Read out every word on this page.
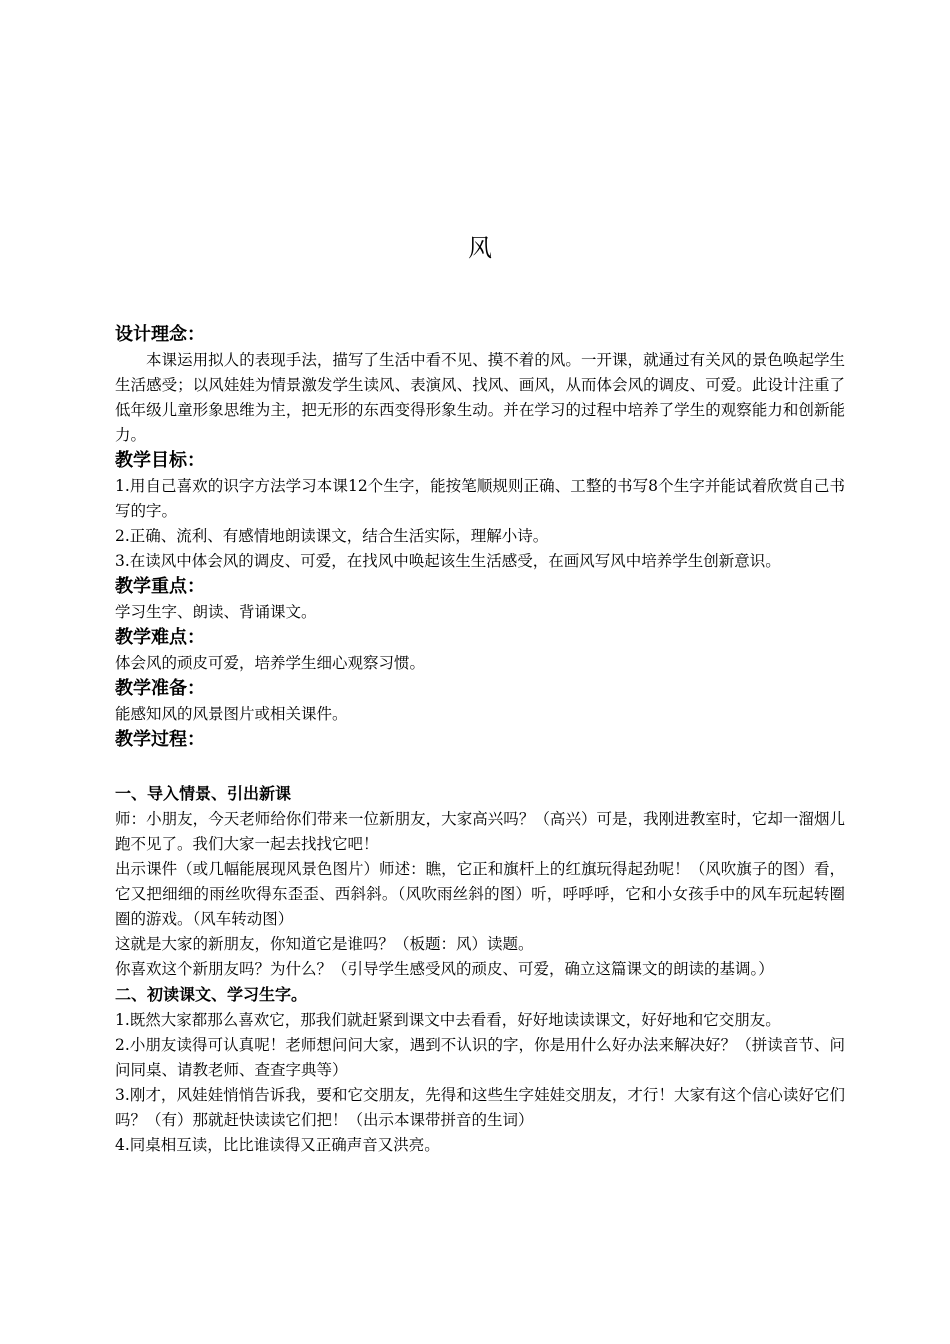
风

设计理念：

本课运用拟人的表现手法，描写了生活中看不见、摸不着的风。一开课，就通过有关风的景色唤起学生生活感受；以风娃娃为情景激发学生读风、表演风、找风、画风，从而体会风的调皮、可爱。此设计注重了低年级儿童形象思维为主，把无形的东西变得形象生动。并在学习的过程中培养了学生的观察能力和创新能力。

教学目标：

1.用自己喜欢的识字方法学习本课12个生字，能按笔顺规则正确、工整的书写8个生字并能试着欣赏自己书写的字。

2.正确、流利、有感情地朗读课文，结合生活实际，理解小诗。

3.在读风中体会风的调皮、可爱，在找风中唤起该生生活感受，在画风写风中培养学生创新意识。

教学重点：

学习生字、朗读、背诵课文。

教学难点：

体会风的顽皮可爱，培养学生细心观察习惯。

教学准备：

能感知风的风景图片或相关课件。

教学过程：

一、导入情景、引出新课

师：小朋友，今天老师给你们带来一位新朋友，大家高兴吗？（高兴）可是，我刚进教室时，它却一溜烟儿跑不见了。我们大家一起去找找它吧！

出示课件（或几幅能展现风景色图片）师述：瞧，它正和旗杆上的红旗玩得起劲呢！（风吹旗子的图）看，它又把细细的雨丝吹得东歪歪、西斜斜。（风吹雨丝斜的图）听，呼呼呼，它和小女孩手中的风车玩起转圈圈的游戏。（风车转动图）

这就是大家的新朋友，你知道它是谁吗？（板题：风）读题。

你喜欢这个新朋友吗？为什么？（引导学生感受风的顽皮、可爱，确立这篇课文的朗读的基调。）

二、初读课文、学习生字。

1.既然大家都那么喜欢它，那我们就赶紧到课文中去看看，好好地读读课文，好好地和它交朋友。

2.小朋友读得可认真呢！老师想问问大家，遇到不认识的字，你是用什么好办法来解决好？（拼读音节、问问同桌、请教老师、查查字典等）

3.刚才，风娃娃悄悄告诉我，要和它交朋友，先得和这些生字娃娃交朋友，才行！大家有这个信心读好它们吗？（有）那就赶快读读它们把！（出示本课带拼音的生词）

4.同桌相互读，比比谁读得又正确声音又洪亮。
